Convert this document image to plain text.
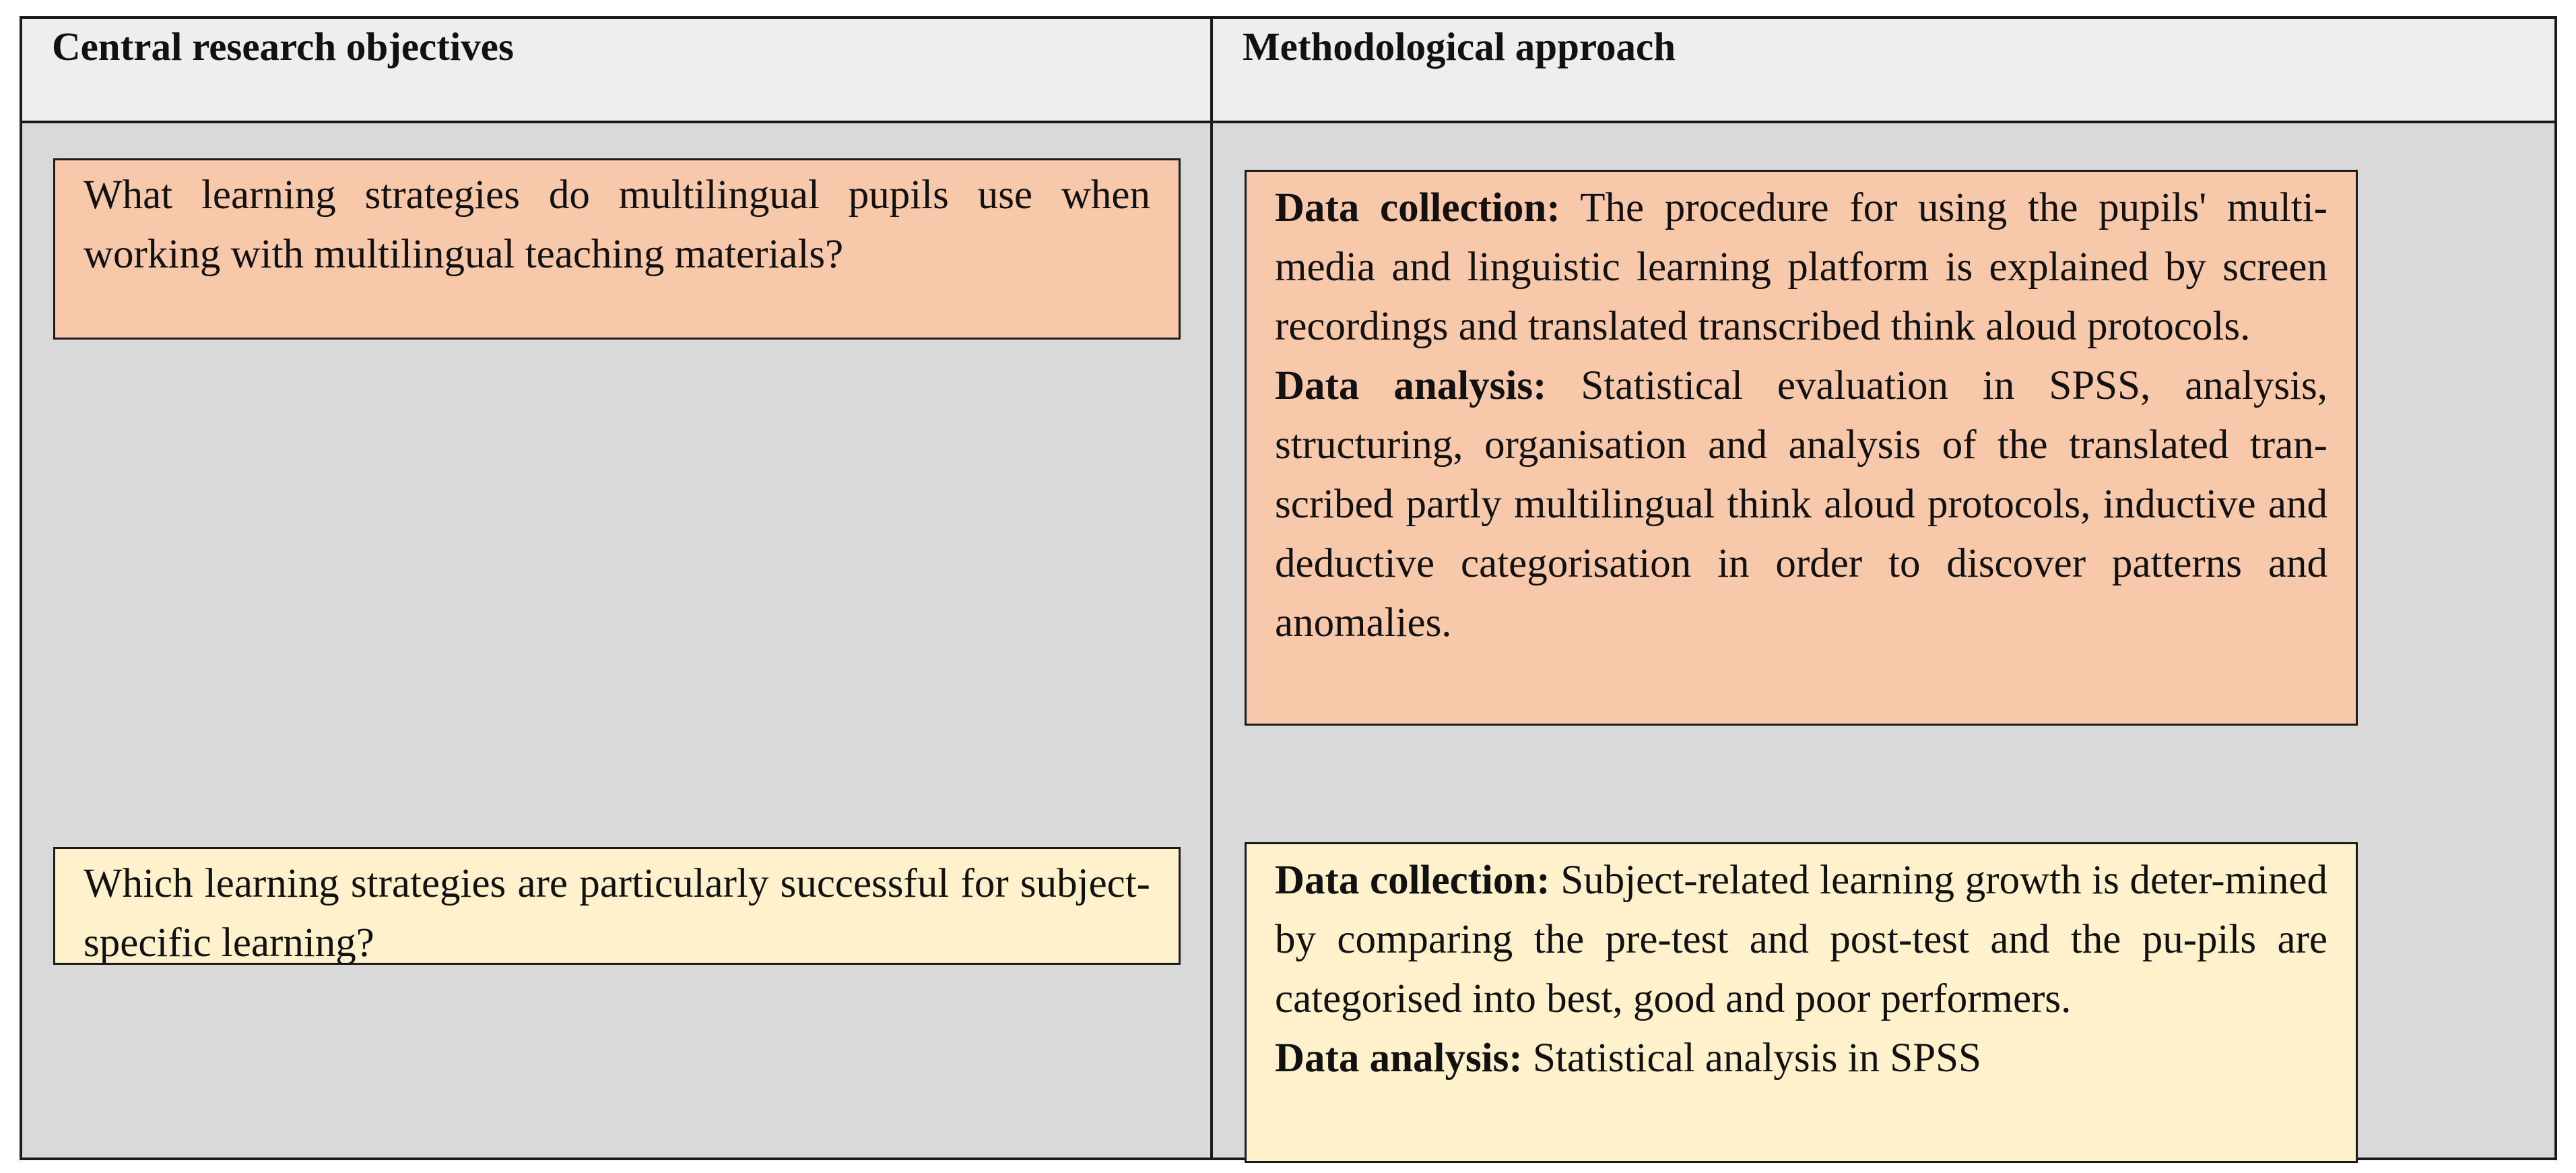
Central research objectives	Methodological approach

What learning strategies do multilingual pupils use when working with multilingual teaching materials?

Data collection: The procedure for using the pupils' multi-media and linguistic learning platform is explained by screen recordings and translated transcribed think aloud protocols.

Data analysis: Statistical evaluation in SPSS, analysis, structuring, organisation and analysis of the translated tran-scribed partly multilingual think aloud protocols, inductive and deductive categorisation in order to discover patterns and anomalies.

Which learning strategies are particularly successful for subject-specific learning?

Data collection: Subject-related learning growth is deter-mined by comparing the pre-test and post-test and the pu-pils are categorised into best, good and poor performers.

Data analysis: Statistical analysis in SPSS
